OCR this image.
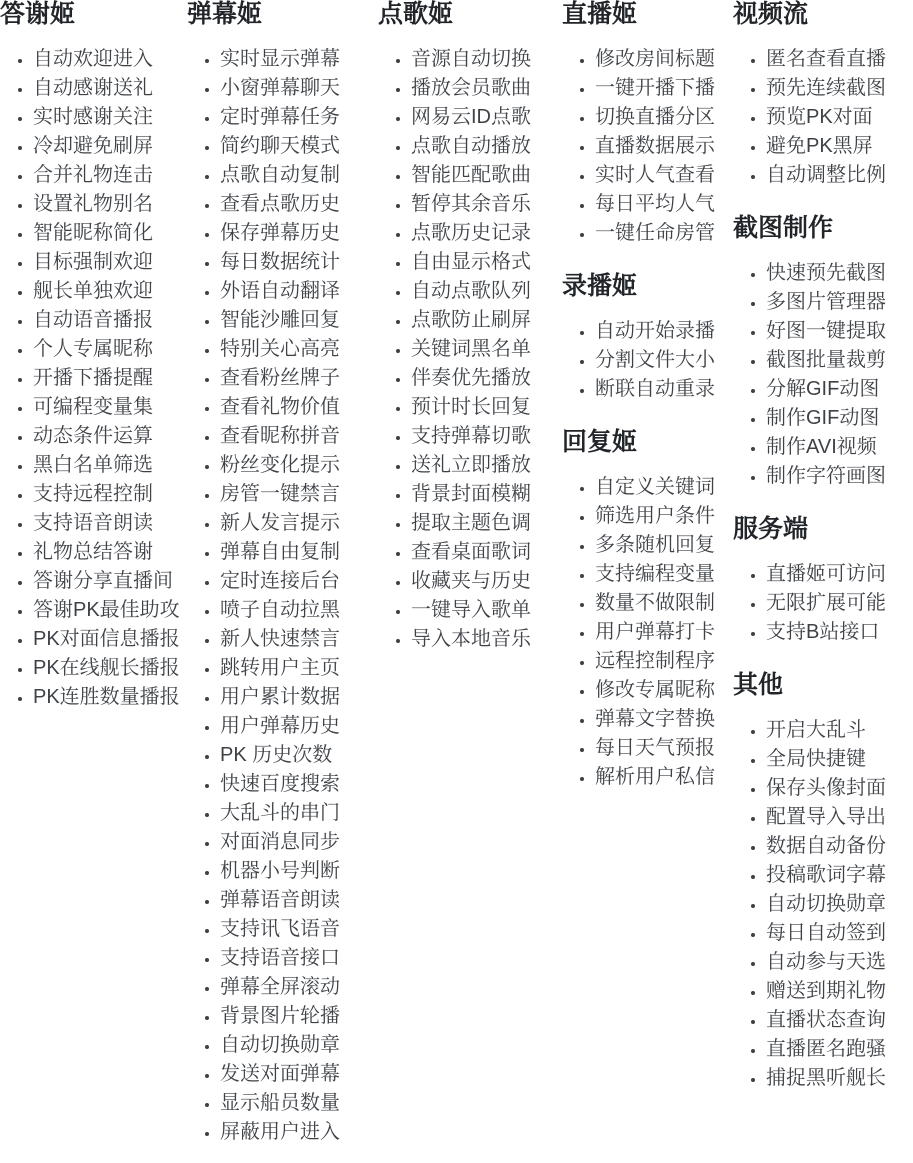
答谢姬
• 自动欢迎进入
• 自动感谢送礼
• 实时感谢关注
• 冷却避免刷屏
• 合并礼物连击
• 设置礼物别名
• 智能昵称简化
• 目标强制欢迎
• 舰长单独欢迎
• 自动语音播报
• 个人专属昵称
• 开播下播提醒
• 可编程变量集
• 动态条件运算
• 黑白名单筛选
• 支持远程控制
• 支持语音朗读
• 礼物总结答谢
• 答谢分享直播间
• 答谢PK最佳助攻
• PK对面信息播报
• PK在线舰长播报
• PK连胜数量播报
弹幕姬
• 实时显示弹幕
• 小窗弹幕聊天
• 定时弹幕任务
• 简约聊天模式
• 点歌自动复制
• 查看点歌历史
• 保存弹幕历史
• 每日数据统计
• 外语自动翻译
• 智能沙雕回复
• 特别关心高亮
• 查看粉丝牌子
• 查看礼物价值
• 查看昵称拼音
• 粉丝变化提示
• 房管一键禁言
• 新人发言提示
• 弹幕自由复制
• 定时连接后台
• 喷子自动拉黑
• 新人快速禁言
• 跳转用户主页
• 用户累计数据
• 用户弹幕历史
• PK 历史次数
• 快速百度搜索
• 大乱斗的串门
• 对面消息同步
• 机器小号判断
• 弹幕语音朗读
• 支持讯飞语音
• 支持语音接口
• 弹幕全屏滚动
• 背景图片轮播
• 自动切换勋章
• 发送对面弹幕
• 显示船员数量
• 屏蔽用户进入
点歌姬
• 音源自动切换
• 播放会员歌曲
• 网易云ID点歌
• 点歌自动播放
• 智能匹配歌曲
• 暂停其余音乐
• 点歌历史记录
• 自由显示格式
• 自动点歌队列
• 点歌防止刷屏
• 关键词黑名单
• 伴奏优先播放
• 预计时长回复
• 支持弹幕切歌
• 送礼立即播放
• 背景封面模糊
• 提取主题色调
• 查看桌面歌词
• 收藏夹与历史
• 一键导入歌单
• 导入本地音乐
直播姬
• 修改房间标题
• 一键开播下播
• 切换直播分区
• 直播数据展示
• 实时人气查看
• 每日平均人气
• 一键任命房管
录播姬
• 自动开始录播
• 分割文件大小
• 断联自动重录
回复姬
• 自定义关键词
• 筛选用户条件
• 多条随机回复
• 支持编程变量
• 数量不做限制
• 用户弹幕打卡
• 远程控制程序
• 修改专属昵称
• 弹幕文字替换
• 每日天气预报
• 解析用户私信
视频流
• 匿名查看直播
• 预先连续截图
• 预览PK对面
• 避免PK黑屏
• 自动调整比例
截图制作
• 快速预先截图
• 多图片管理器
• 好图一键提取
• 截图批量裁剪
• 分解GIF动图
• 制作GIF动图
• 制作AVI视频
• 制作字符画图
服务端
• 直播姬可访问
• 无限扩展可能
• 支持B站接口
其他
• 开启大乱斗
• 全局快捷键
• 保存头像封面
• 配置导入导出
• 数据自动备份
• 投稿歌词字幕
• 自动切换勋章
• 每日自动签到
• 自动参与天选
• 赠送到期礼物
• 直播状态查询
• 直播匿名跑骚
• 捕捉黑听舰长
